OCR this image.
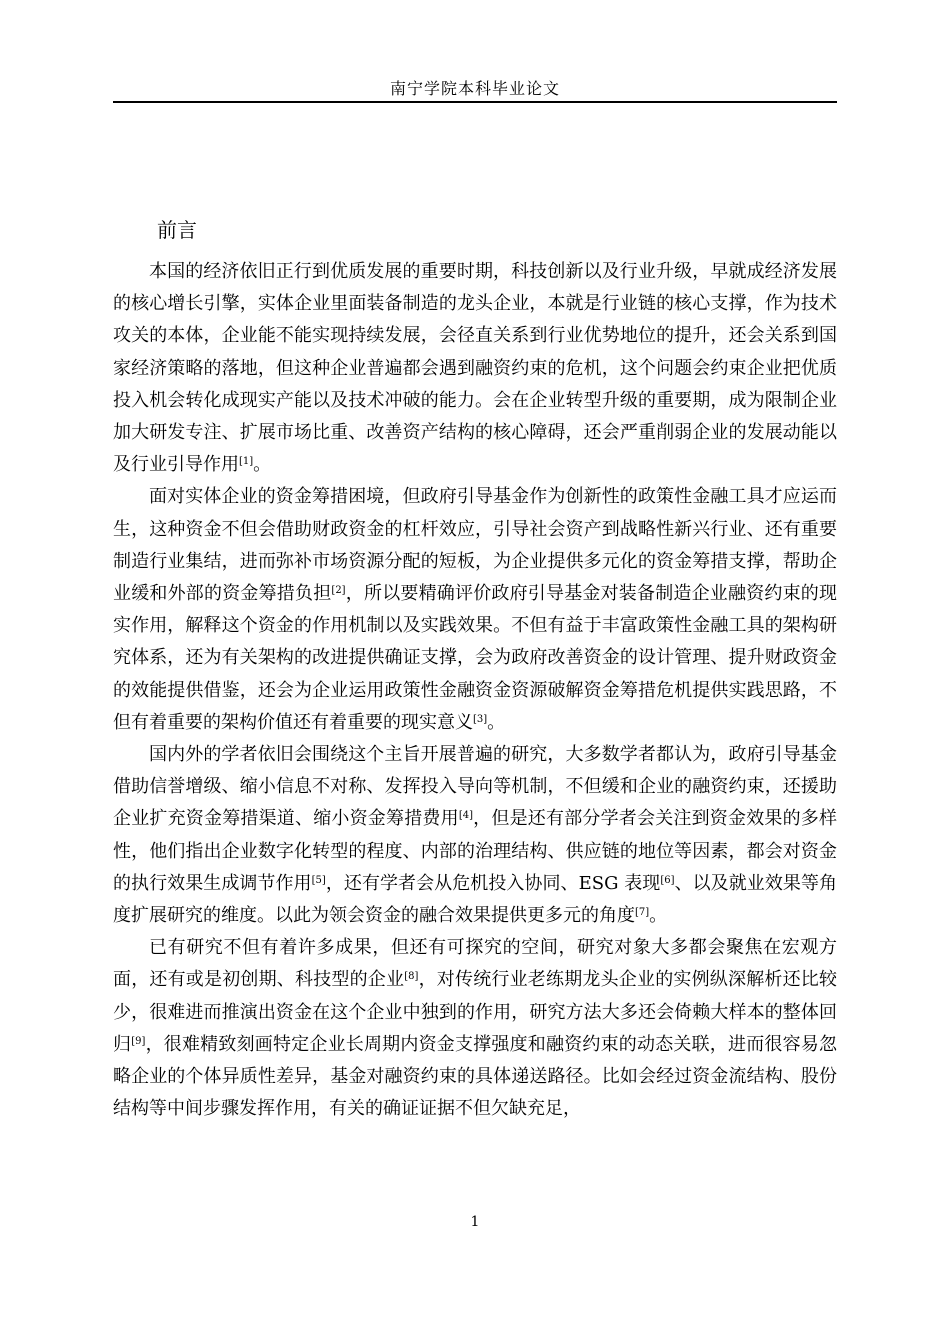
南宁学院本科毕业论文
前言

本国的经济依旧正行到优质发展的重要时期，科技创新以及行业升级，早就成经济发展的核心增长引擎，实体企业里面装备制造的龙头企业，本就是行业链的核心支撑，作为技术攻关的本体，企业能不能实现持续发展，会径直关系到行业优势地位的提升，还会关系到国家经济策略的落地，但这种企业普遍都会遇到融资约束的危机，这个问题会约束企业把优质投入机会转化成现实产能以及技术冲破的能力。会在企业转型升级的重要期，成为限制企业加大研发专注、扩展市场比重、改善资产结构的核心障碍，还会严重削弱企业的发展动能以及行业引导作用[1]。

面对实体企业的资金筹措困境，但政府引导基金作为创新性的政策性金融工具才应运而生，这种资金不但会借助财政资金的杠杆效应，引导社会资产到战略性新兴行业、还有重要制造行业集结，进而弥补市场资源分配的短板，为企业提供多元化的资金筹措支撑，帮助企业缓和外部的资金筹措负担[2]，所以要精确评价政府引导基金对装备制造企业融资约束的现实作用，解释这个资金的作用机制以及实践效果。不但有益于丰富政策性金融工具的架构研究体系，还为有关架构的改进提供确证支撑，会为政府改善资金的设计管理、提升财政资金的效能提供借鉴，还会为企业运用政策性金融资金资源破解资金筹措危机提供实践思路，不但有着重要的架构价值还有着重要的现实意义[3]。

国内外的学者依旧会围绕这个主旨开展普遍的研究，大多数学者都认为，政府引导基金借助信誉增级、缩小信息不对称、发挥投入导向等机制，不但缓和企业的融资约束，还援助企业扩充资金筹措渠道、缩小资金筹措费用[4]，但是还有部分学者会关注到资金效果的多样性，他们指出企业数字化转型的程度、内部的治理结构、供应链的地位等因素，都会对资金的执行效果生成调节作用[5]，还有学者会从危机投入协同、ESG 表现[6]、以及就业效果等角度扩展研究的维度。以此为领会资金的融合效果提供更多元的角度[7]。

已有研究不但有着许多成果，但还有可探究的空间，研究对象大多都会聚焦在宏观方面，还有或是初创期、科技型的企业[8]，对传统行业老练期龙头企业的实例纵深解析还比较少，很难进而推演出资金在这个企业中独到的作用，研究方法大多还会倚赖大样本的整体回归[9]，很难精致刻画特定企业长周期内资金支撑强度和融资约束的动态关联，进而很容易忽略企业的个体异质性差异，基金对融资约束的具体递送路径。比如会经过资金流结构、股份结构等中间步骤发挥作用，有关的确证证据不但欠缺充足，

1
